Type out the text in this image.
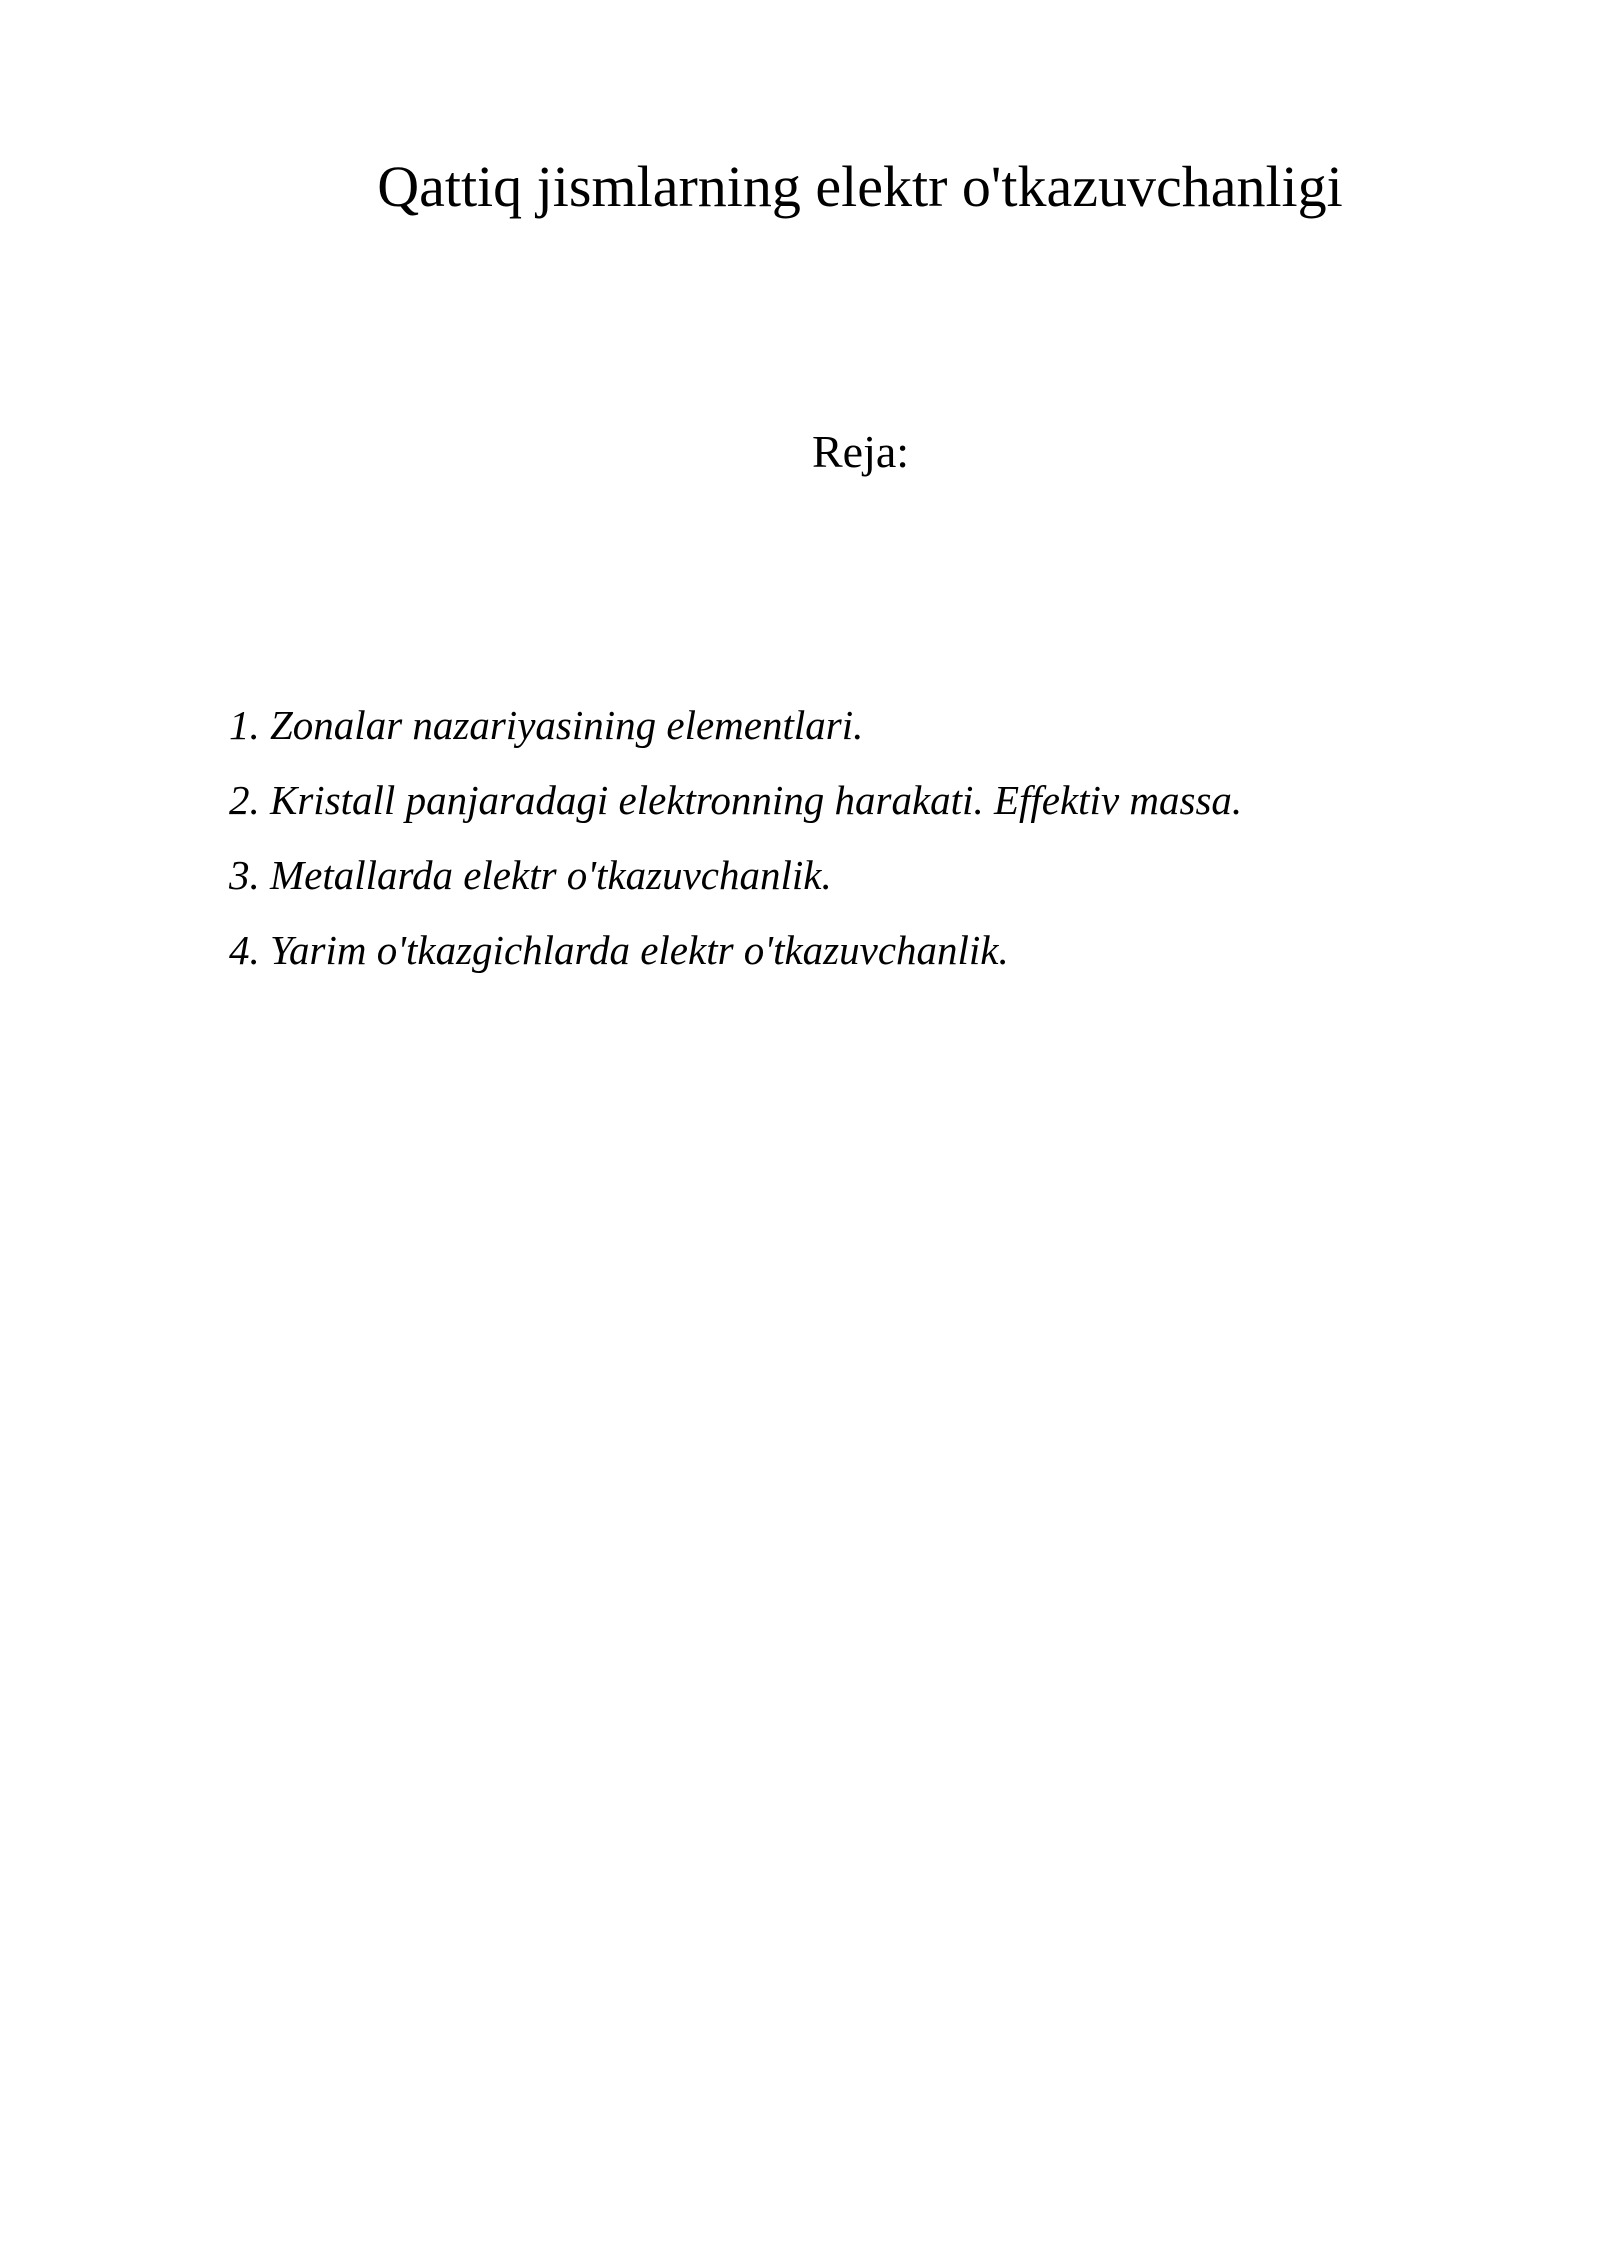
Qattiq jismlarning elektr o'tkazuvchanligi
Reja:
1. Zonalar nazariyasining elementlari.
2. Kristall panjaradagi elektronning harakati. Effektiv massa.
3. Metallarda elektr o'tkazuvchanlik.
4. Yarim o'tkazgichlarda elektr o'tkazuvchanlik.
